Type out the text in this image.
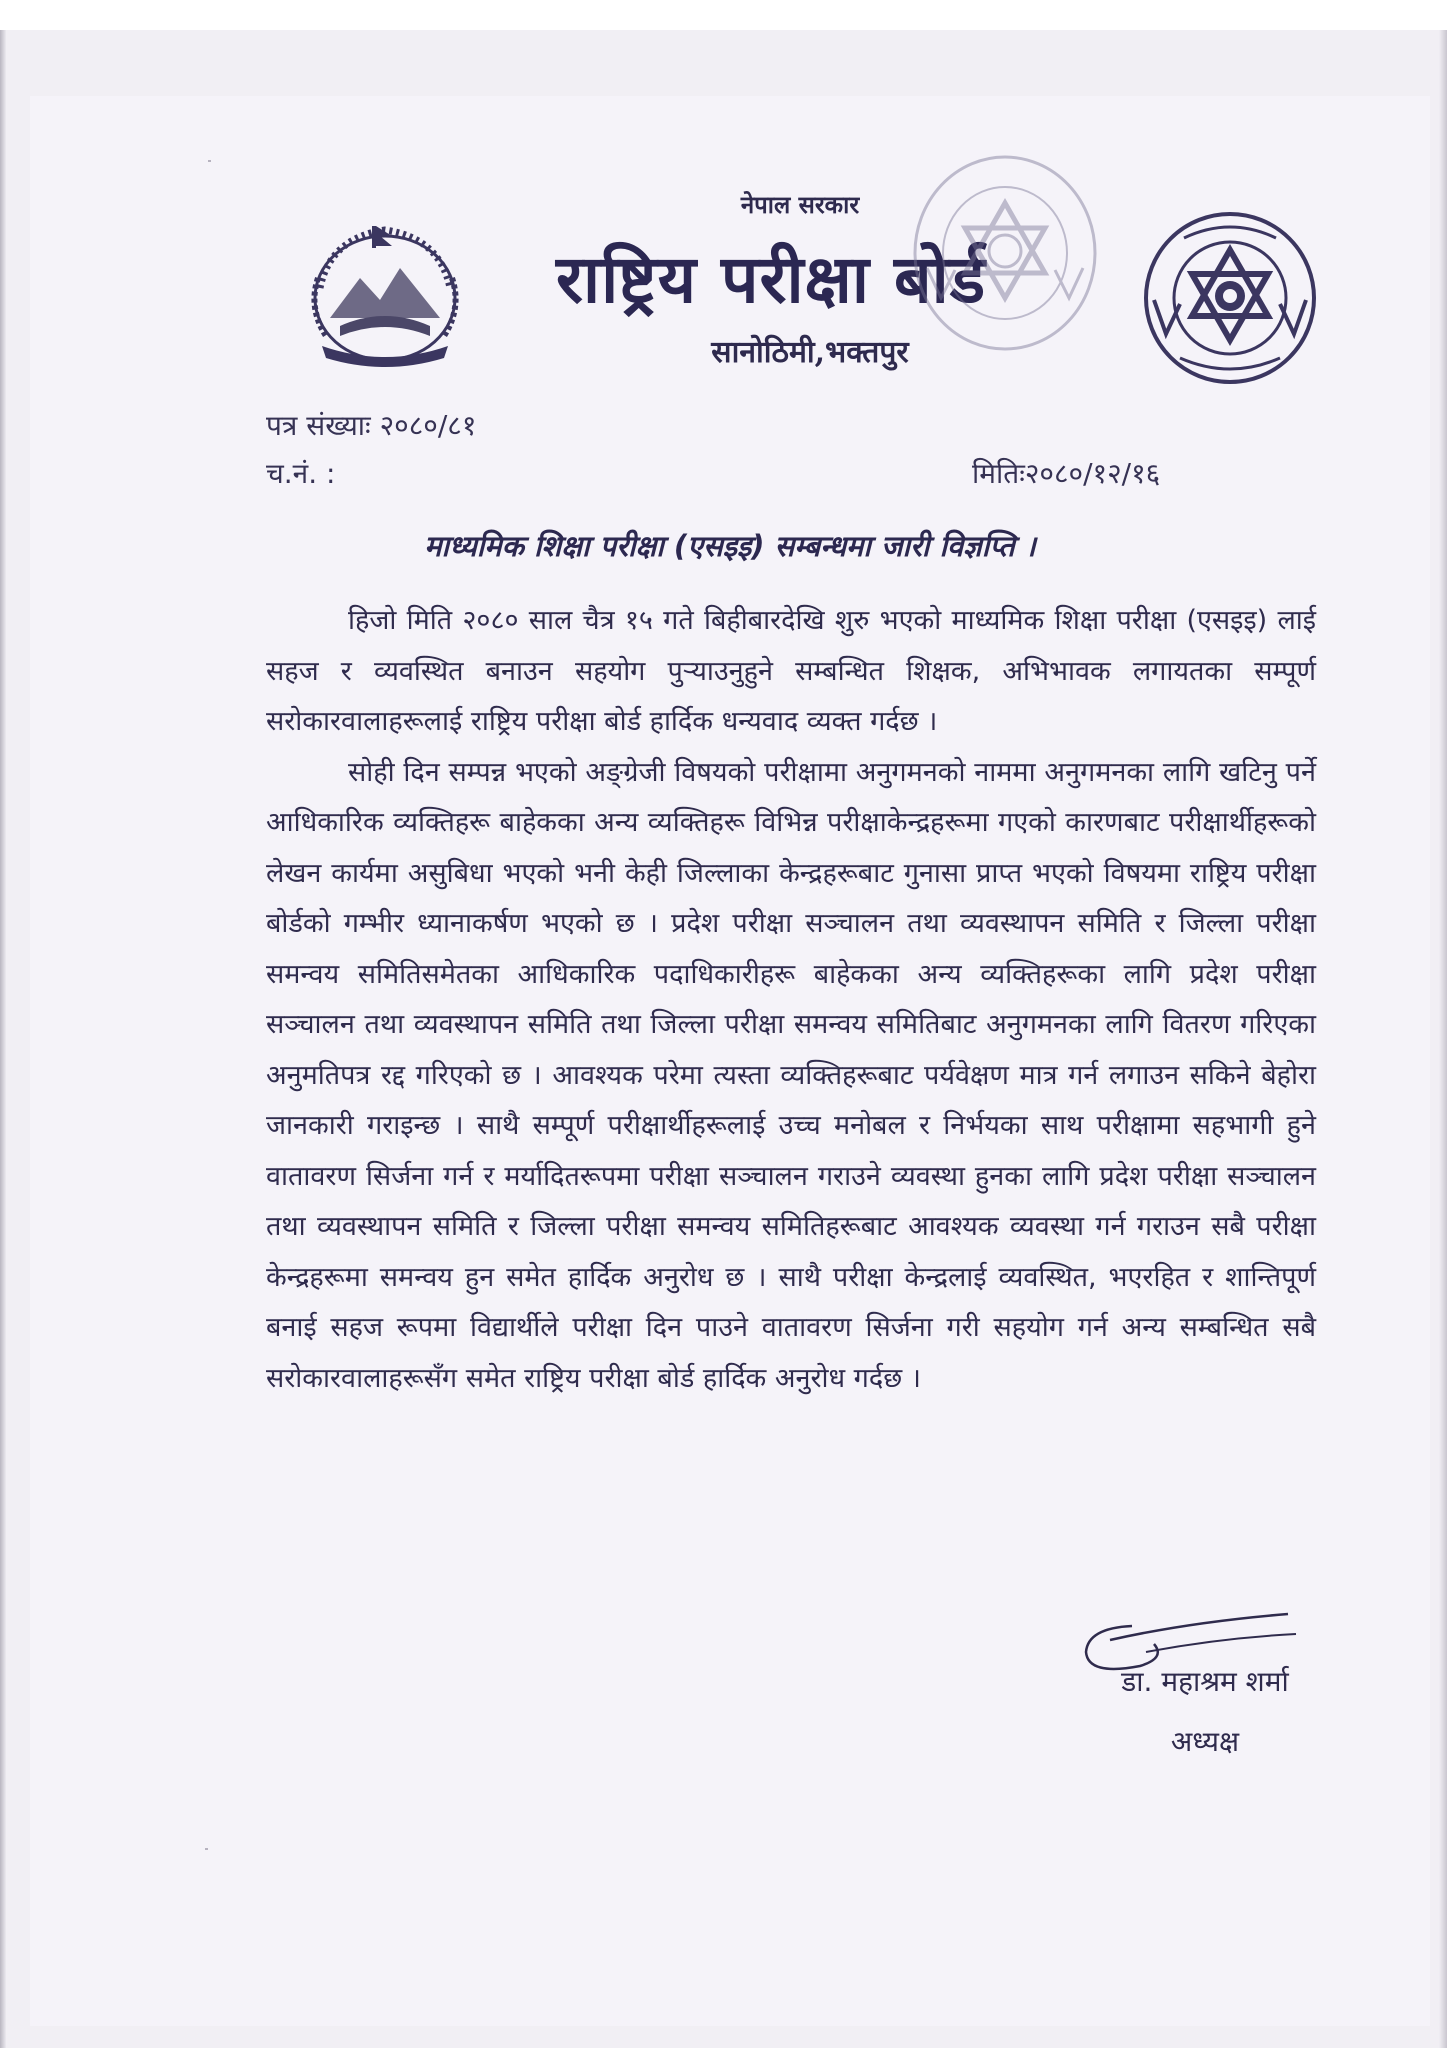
नेपाल सरकार
राष्ट्रिय परीक्षा बोर्ड
सानोठिमी,भक्तपुर
पत्र संख्याः २०८०/८१
च.नं. :	मितिः२०८०/१२/१६
माध्यमिक शिक्षा परीक्षा (एसइइ) सम्बन्धमा जारी विज्ञप्ति ।

हिजो मिति २०८० साल चैत्र १५ गते बिहीबारदेखि शुरु भएको माध्यमिक शिक्षा परीक्षा (एसइइ) लाई सहज र व्यवस्थित बनाउन सहयोग पुर्‍याउनुहुने सम्बन्धित शिक्षक, अभिभावक लगायतका सम्पूर्ण सरोकारवालाहरूलाई राष्ट्रिय परीक्षा बोर्ड हार्दिक धन्यवाद व्यक्त गर्दछ ।

सोही दिन सम्पन्न भएको अङ्ग्रेजी विषयको परीक्षामा अनुगमनको नाममा अनुगमनका लागि खटिनु पर्ने आधिकारिक व्यक्तिहरू बाहेकका अन्य व्यक्तिहरू विभिन्न परीक्षाकेन्द्रहरूमा गएको कारणबाट परीक्षार्थीहरूको लेखन कार्यमा असुबिधा भएको भनी केही जिल्लाका केन्द्रहरूबाट गुनासा प्राप्त भएको विषयमा राष्ट्रिय परीक्षा बोर्डको गम्भीर ध्यानाकर्षण भएको छ । प्रदेश परीक्षा सञ्चालन तथा व्यवस्थापन समिति र जिल्ला परीक्षा समन्वय समितिसमेतका आधिकारिक पदाधिकारीहरू बाहेकका अन्य व्यक्तिहरूका लागि प्रदेश परीक्षा सञ्चालन तथा व्यवस्थापन समिति तथा जिल्ला परीक्षा समन्वय समितिबाट अनुगमनका लागि वितरण गरिएका अनुमतिपत्र रद्द गरिएको छ । आवश्यक परेमा त्यस्ता व्यक्तिहरूबाट पर्यवेक्षण मात्र गर्न लगाउन सकिने बेहोरा जानकारी गराइन्छ । साथै सम्पूर्ण परीक्षार्थीहरूलाई उच्च मनोबल र निर्भयका साथ परीक्षामा सहभागी हुने वातावरण सिर्जना गर्न र मर्यादितरूपमा परीक्षा सञ्चालन गराउने व्यवस्था हुनका लागि प्रदेश परीक्षा सञ्चालन तथा व्यवस्थापन समिति र जिल्ला परीक्षा समन्वय समितिहरूबाट आवश्यक व्यवस्था गर्न गराउन सबै परीक्षा केन्द्रहरूमा समन्वय हुन समेत हार्दिक अनुरोध छ । साथै परीक्षा केन्द्रलाई व्यवस्थित, भएरहित र शान्तिपूर्ण बनाई सहज रूपमा विद्यार्थीले परीक्षा दिन पाउने वातावरण सिर्जना गरी सहयोग गर्न अन्य सम्बन्धित सबै सरोकारवालाहरूसँग समेत राष्ट्रिय परीक्षा बोर्ड हार्दिक अनुरोध गर्दछ ।

डा. महाश्रम शर्मा
अध्यक्ष
